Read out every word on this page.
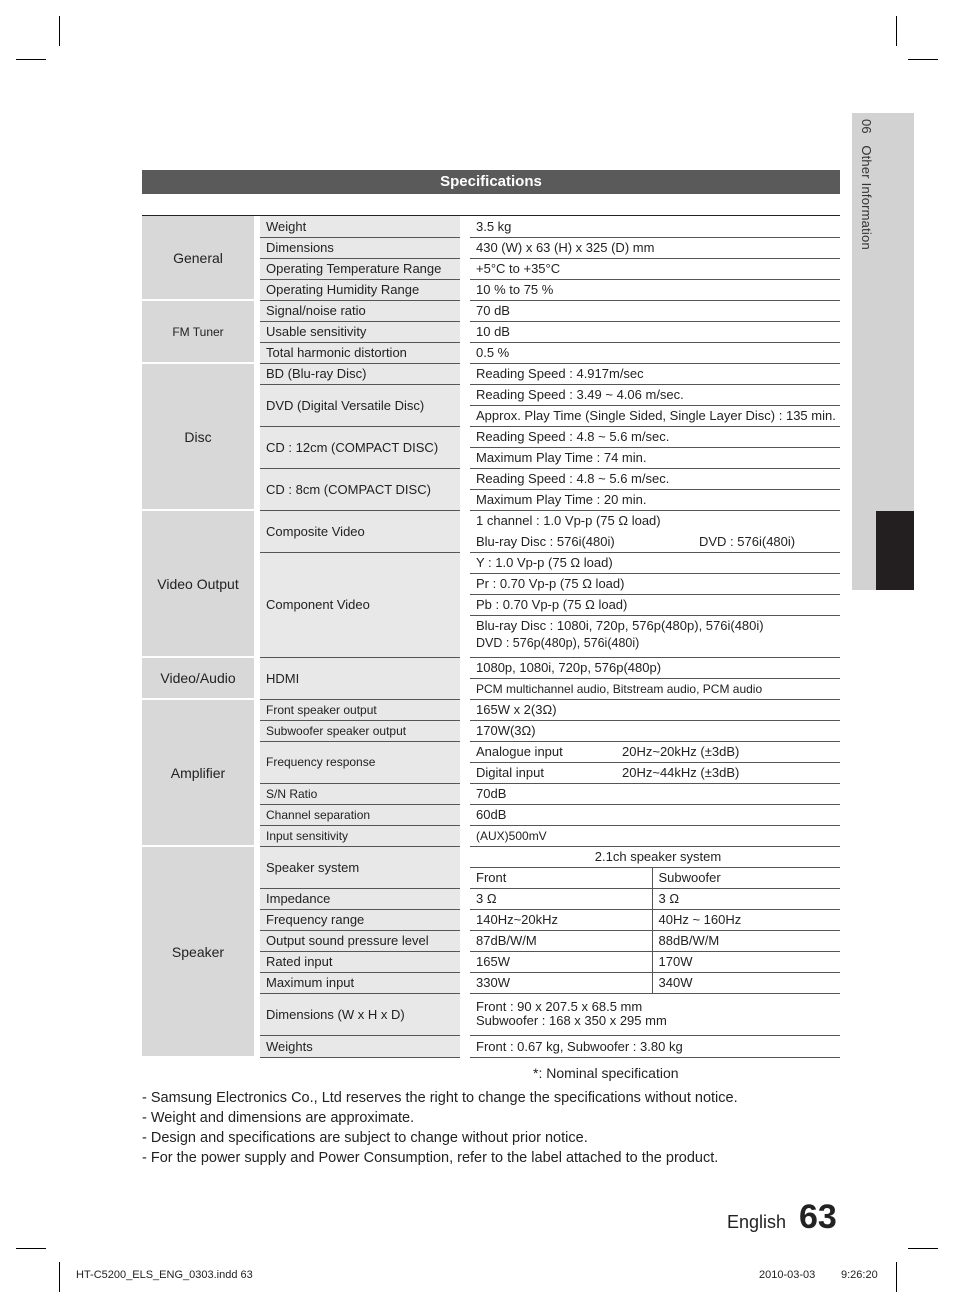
06   Other Information
Specifications
General		Weight	3.5 kg	
		Dimensions	430 (W) x 63 (H) x 325 (D) mm	
		Operating Temperature Range	+5°C to +35°C	
		Operating Humidity Range	10 % to 75 %	
FM Tuner		Signal/noise ratio	70 dB	
		Usable sensitivity	10 dB	
		Total harmonic distortion	0.5 %	
Disc		BD (Blu-ray Disc)	Reading Speed : 4.917m/sec	
		DVD (Digital Versatile Disc)	Reading Speed : 3.49 ~ 4.06 m/sec.	
			Approx. Play Time (Single Sided, Single Layer Disc) : 135 min.	
		CD : 12cm (COMPACT DISC)	Reading Speed : 4.8 ~ 5.6 m/sec.	
			Maximum Play Time : 74 min.	
		CD : 8cm (COMPACT DISC)	Reading Speed : 4.8 ~ 5.6 m/sec.	
			Maximum Play Time : 20 min.	
Video Output		Composite Video	1 channel : 1.0 Vp-p (75 Ω load)	
			Blu-ray Disc : 576i(480i)	DVD : 576i(480i)
		Component Video	Y : 1.0 Vp-p (75 Ω load)	
			Pr : 0.70 Vp-p (75 Ω load)	
			Pb : 0.70 Vp-p (75 Ω load)	
			Blu-ray Disc : 1080i, 720p, 576p(480p), 576i(480i)	
			DVD : 576p(480p), 576i(480i)	
Video/Audio		HDMI	1080p, 1080i, 720p, 576p(480p)	
			PCM multichannel audio, Bitstream audio, PCM audio	
Amplifier		Front speaker output	165W x 2(3Ω)	
		Subwoofer speaker output	170W(3Ω)	
		Frequency response	Analogue input	20Hz~20kHz (±3dB)
			Digital input	20Hz~44kHz (±3dB)
		S/N Ratio	70dB	
		Channel separation	60dB	
		Input sensitivity	(AUX)500mV	
Speaker		Speaker system	2.1ch speaker system	
			Front	Subwoofer
		Impedance	3 Ω	3 Ω
		Frequency range	140Hz~20kHz	40Hz ~ 160Hz
		Output sound pressure level	87dB/W/M	88dB/W/M
		Rated input	165W	170W
		Maximum input	330W	340W
		Dimensions (W x H x D)	Front : 90 x 207.5 x 68.5 mm	
			Subwoofer : 168 x 350 x 295 mm	
		Weights	Front : 0.67 kg, Subwoofer : 3.80 kg	
*: Nominal specification
- Samsung Electronics Co., Ltd reserves the right to change the specifications without notice.
- Weight and dimensions are approximate.
- Design and specifications are subject to change without prior notice.
- For the power supply and Power Consumption, refer to the label attached to the product.
English 63
HT-C5200_ELS_ENG_0303.indd 63	2010-03-03 9:26:20
